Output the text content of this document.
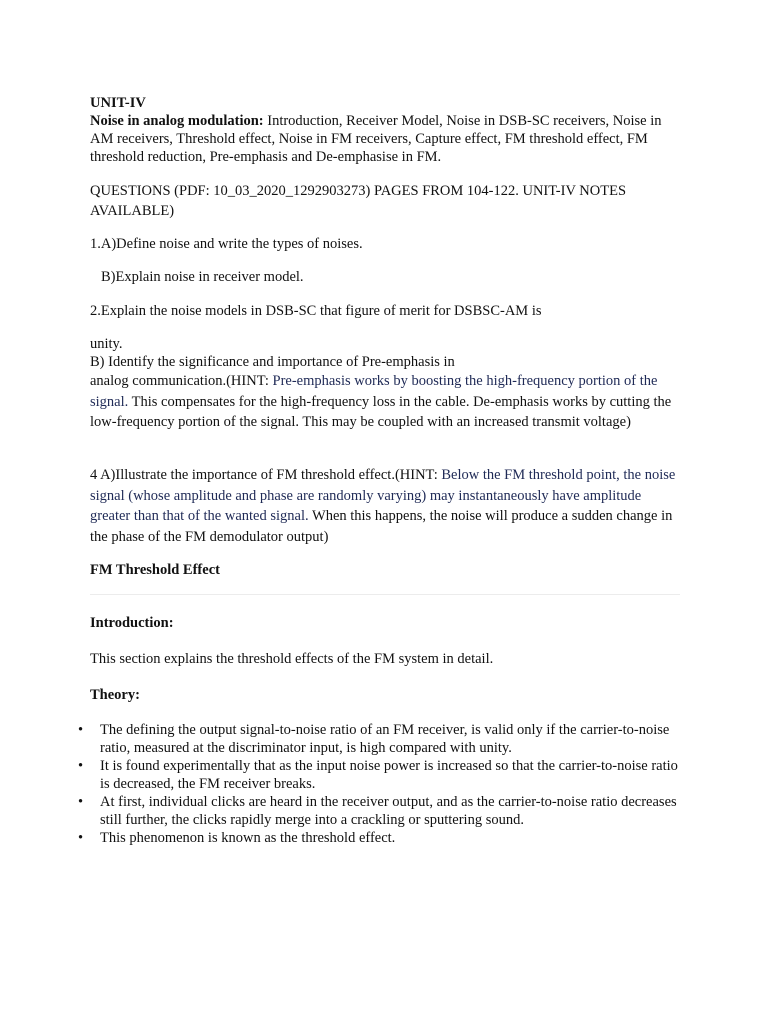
UNIT-IV

Noise in analog modulation: Introduction, Receiver Model, Noise in DSB-SC receivers, Noise in AM receivers, Threshold effect, Noise in FM receivers, Capture effect, FM threshold effect, FM threshold reduction, Pre-emphasis and De-emphasise in FM.

QUESTIONS (PDF: 10_03_2020_1292903273) PAGES FROM 104-122. UNIT-IV NOTES AVAILABLE)

1.A)Define noise and write the types of noises.

B)Explain noise in receiver model.

2.Explain the noise models in DSB-SC that figure of merit for DSBSC-AM is

unity.

B) Identify the significance and importance of Pre-emphasis in

analog communication.(HINT: Pre-emphasis works by boosting the high-frequency portion of the signal. This compensates for the high-frequency loss in the cable. De-emphasis works by cutting the low-frequency portion of the signal. This may be coupled with an increased transmit voltage)

4 A)Illustrate the importance of FM threshold effect.(HINT: Below the FM threshold point, the noise signal (whose amplitude and phase are randomly varying) may instantaneously have amplitude greater than that of the wanted signal. When this happens, the noise will produce a sudden change in the phase of the FM demodulator output)

FM Threshold Effect

Introduction:

This section explains the threshold effects of the FM system in detail.

Theory:

• The defining the output signal-to-noise ratio of an FM receiver, is valid only if the carrier-to-noise ratio, measured at the discriminator input, is high compared with unity.
• It is found experimentally that as the input noise power is increased so that the carrier-to-noise ratio is decreased, the FM receiver breaks.
• At first, individual clicks are heard in the receiver output, and as the carrier-to-noise ratio decreases still further, the clicks rapidly merge into a crackling or sputtering sound.
• This phenomenon is known as the threshold effect.
